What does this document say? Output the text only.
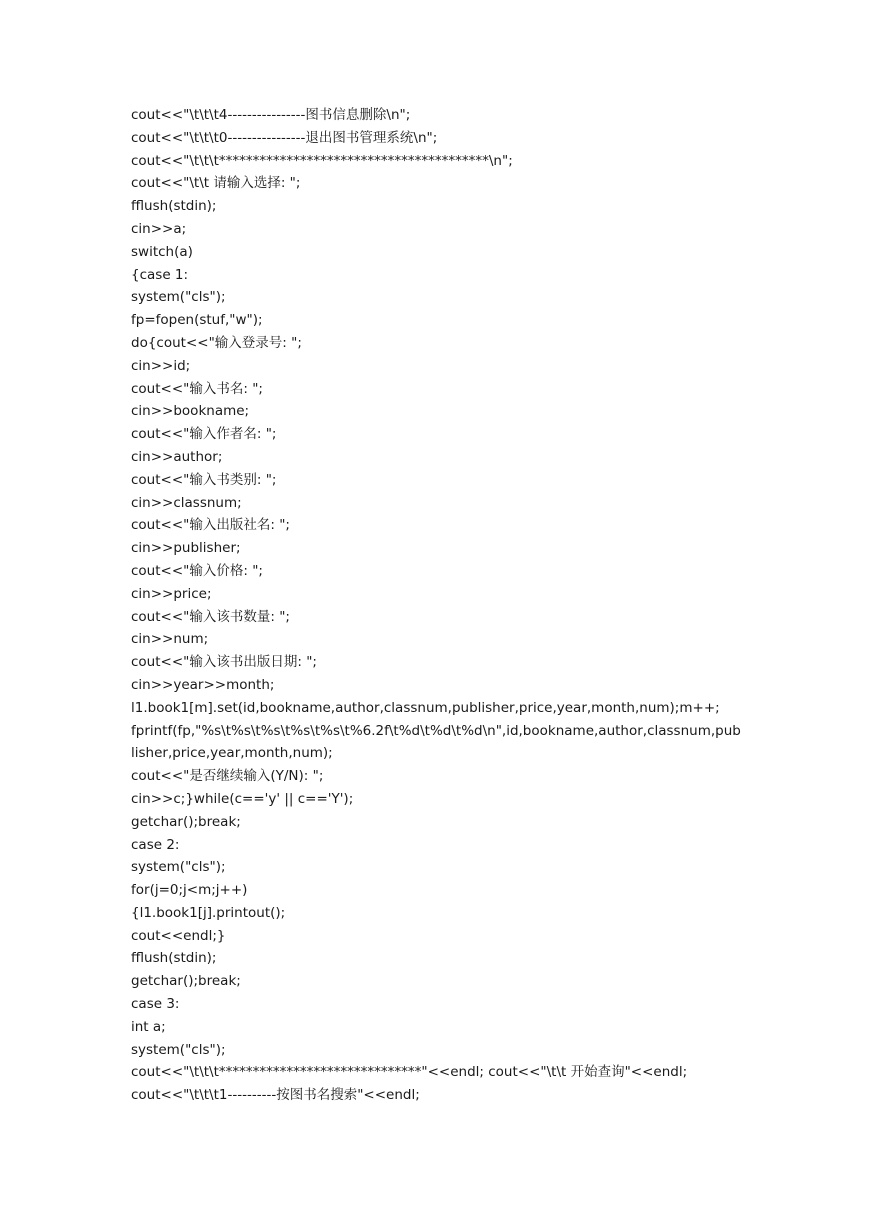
cout<<"\t\t\t4----------------图书信息删除\n";
cout<<"\t\t\t0----------------退出图书管理系统\n";
cout<<"\t\t\t****************************************\n";
cout<<"\t\t 请输入选择: ";
fflush(stdin);
cin>>a;
switch(a)
{case 1:
system("cls");
fp=fopen(stuf,"w");
do{cout<<"输入登录号: ";
cin>>id;
cout<<"输入书名: ";
cin>>bookname;
cout<<"输入作者名: ";
cin>>author;
cout<<"输入书类别: ";
cin>>classnum;
cout<<"输入出版社名: ";
cin>>publisher;
cout<<"输入价格: ";
cin>>price;
cout<<"输入该书数量: ";
cin>>num;
cout<<"输入该书出版日期: ";
cin>>year>>month;
l1.book1[m].set(id,bookname,author,classnum,publisher,price,year,month,num);m++;
fprintf(fp,"%s\t%s\t%s\t%s\t%s\t%6.2f\t%d\t%d\t%d\n",id,bookname,author,classnum,publisher,price,year,month,num);
cout<<"是否继续输入(Y/N): ";
cin>>c;}while(c=='y' || c=='Y');
getchar();break;
case 2:
system("cls");
for(j=0;j<m;j++)
{l1.book1[j].printout();
cout<<endl;}
fflush(stdin);
getchar();break;
case 3:
int a;
system("cls");
cout<<"\t\t\t******************************"<<endl; cout<<"\t\t 开始查询"<<endl;
cout<<"\t\t\t1----------按图书名搜索"<<endl;
